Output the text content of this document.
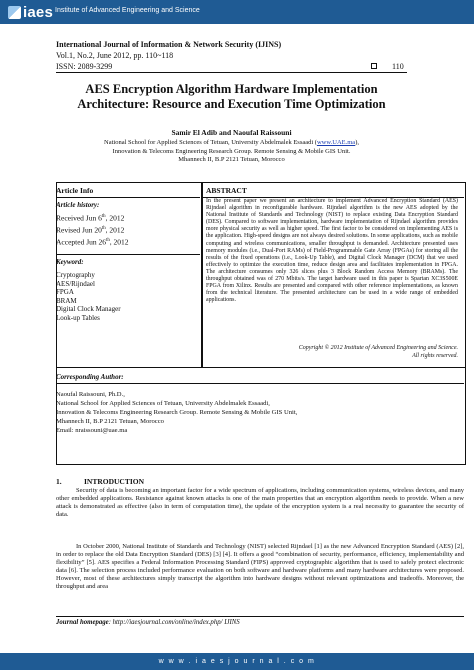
iaes Institute of Advanced Engineering and Science
International Journal of Information & Network Security (IJINS)
Vol.1, No.2, June 2012, pp. 110~118
ISSN: 2089-3299	110
AES Encryption Algorithm Hardware Implementation Architecture: Resource and Execution Time Optimization
Samir El Adib and Naoufal Raissouni
National School for Applied Sciences of Tetuan, University Abdelmalek Essaadi (www.UAE.ma),
Innovation & Telecoms Engineering Research Group. Remote Sensing & Mobile GIS Unit.
Mhannech II, B.P 2121 Tetuan, Morocco
Article Info
Article history:
Received Jun 6th, 2012
Revised Jun 20th, 2012
Accepted Jun 26th, 2012
Keyword:
Cryptography
AES/Rijndael
FPGA
BRAM
Digital Clock Manager
Look-up Tables
ABSTRACT
In the present paper we present an architecture to implement Advanced Encryption Standard (AES) Rijndael algorithm in reconfigurable hardware. Rijndael algorithm is the new AES adopted by the National Institute of Standards and Technology (NIST) to replace existing Data Encryption Standard (DES). Compared to software implementation, hardware implementation of Rijndael algorithm provides more physical security as well as higher speed. The first factor to be considered on implementing AES is the application. High-speed designs are not always desired solutions. In some applications, such as mobile computing and wireless communications, smaller throughput is demanded. Architecture presented uses memory modules (i.e., Dual-Port RAMs) of Field-Programmable Gate Array (FPGAs) for storing all the results of the fixed operations (i.e., Look-Up Table), and Digital Clock Manager (DCM) that we used effectively to optimize the execution time, reduce design area and facilitates implementation in FPGA. The architecture consumes only 326 slices plus 3 Block Random Access Memory (BRAMs). The throughput obtained was of 270 Mbits/s. The target hardware used in this paper is Spartan XC3S500E FPGA from Xilinx. Results are presented and compared with other reference implementations, as known from the technical literature. The presented architecture can be used in a wide range of embedded applications.
Copyright © 2012 Institute of Advanced Engineering and Science.
All rights reserved.
Corresponding Author:
Naoufal Raissouni, Ph.D.,
National School for Applied Sciences of Tetuan, University Abdelmalek Essaadi,
Innovation & Telecoms Engineering Research Group. Remote Sensing & Mobile GIS Unit,
Mhannech II, B.P 2121 Tetuan, Morocco
Email: nraissouni@uae.ma
1.	INTRODUCTION
Security of data is becoming an important factor for a wide spectrum of applications, including communication systems, wireless devices, and many other embedded applications. Resistance against known attacks is one of the main properties that an encryption algorithm needs to provide. When a new attack is demonstrated as effective (also in term of computation time), the update of the encryption system is a real necessity to guarantee the security of data.
In October 2000, National Institute of Standards and Technology (NIST) selected Rijndael [1] as the new Advanced Encryption Standard (AES) [2], in order to replace the old Data Encryption Standard (DES) [3] [4]. It offers a good “combination of security, performance, efficiency, implementability and flexibility” [5]. AES specifies a Federal Information Processing Standard (FIPS) approved cryptographic algorithm that is used to safely protect electronic data [6]. The selection process included performance evaluation on both software and hardware platforms and many hardware architectures were proposed. However, most of these architectures simply transcript the algorithm into hardware designs without relevant optimizations and tradeoffs. Moreover, the throughput and area
Journal homepage: http://iaesjournal.com/online/index.php/ IJINS
w w w . i a e s j o u r n a l . c o m
